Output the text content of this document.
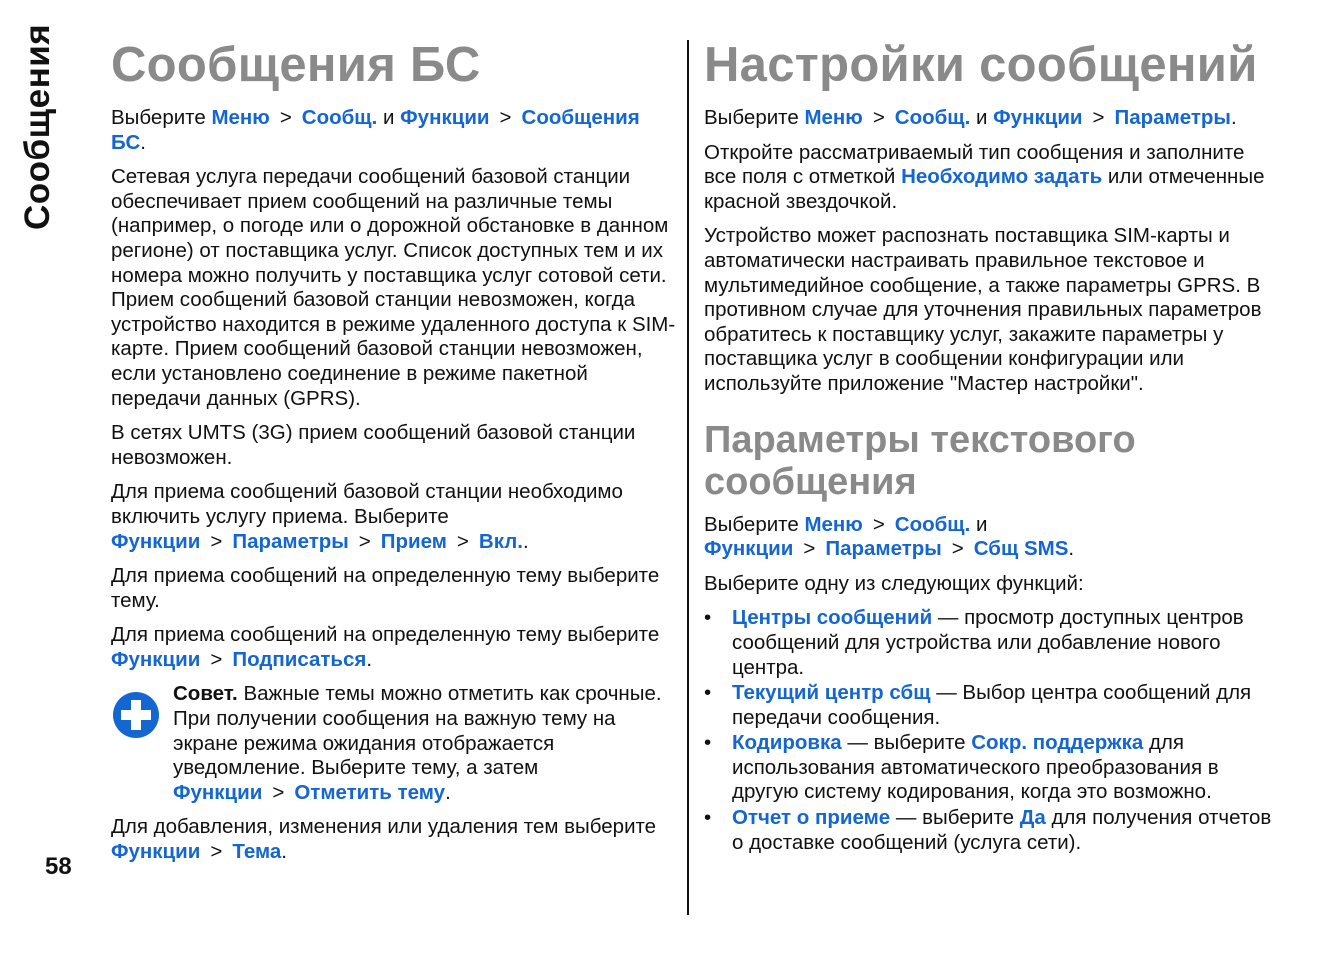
Сообщения
58
Сообщения БС

Выберите Меню > Сообщ. и Функции > Сообщения БС.

Сетевая услуга передачи сообщений базовой станции обеспечивает прием сообщений на различные темы (например, о погоде или о дорожной обстановке в данном регионе) от поставщика услуг. Список доступных тем и их номера можно получить у поставщика услуг сотовой сети. Прием сообщений базовой станции невозможен, когда устройство находится в режиме удаленного доступа к SIM-карте. Прием сообщений базовой станции невозможен, если установлено соединение в режиме пакетной передачи данных (GPRS).

В сетях UMTS (3G) прием сообщений базовой станции невозможен.

Для приема сообщений базовой станции необходимо включить услугу приема. Выберите Функции > Параметры > Прием > Вкл..

Для приема сообщений на определенную тему выберите тему.

Для приема сообщений на определенную тему выберите Функции > Подписаться.

Совет. Важные темы можно отметить как срочные. При получении сообщения на важную тему на экране режима ожидания отображается уведомление. Выберите тему, а затем Функции > Отметить тему.

Для добавления, изменения или удаления тем выберите Функции > Тема.

Настройки сообщений

Выберите Меню > Сообщ. и Функции > Параметры.

Откройте рассматриваемый тип сообщения и заполните все поля с отметкой Необходимо задать или отмеченные красной звездочкой.

Устройство может распознать поставщика SIM-карты и автоматически настраивать правильное текстовое и мультимедийное сообщение, а также параметры GPRS. В противном случае для уточнения правильных параметров обратитесь к поставщику услуг, закажите параметры у поставщика услуг в сообщении конфигурации или используйте приложение "Мастер настройки".

Параметры текстового сообщения

Выберите Меню > Сообщ. и Функции > Параметры > Сбщ SMS.

Выберите одну из следующих функций:

• Центры сообщений — просмотр доступных центров сообщений для устройства или добавление нового центра.
• Текущий центр сбщ — Выбор центра сообщений для передачи сообщения.
• Кодировка — выберите Сокр. поддержка для использования автоматического преобразования в другую систему кодирования, когда это возможно.
• Отчет о приеме — выберите Да для получения отчетов о доставке сообщений (услуга сети).
